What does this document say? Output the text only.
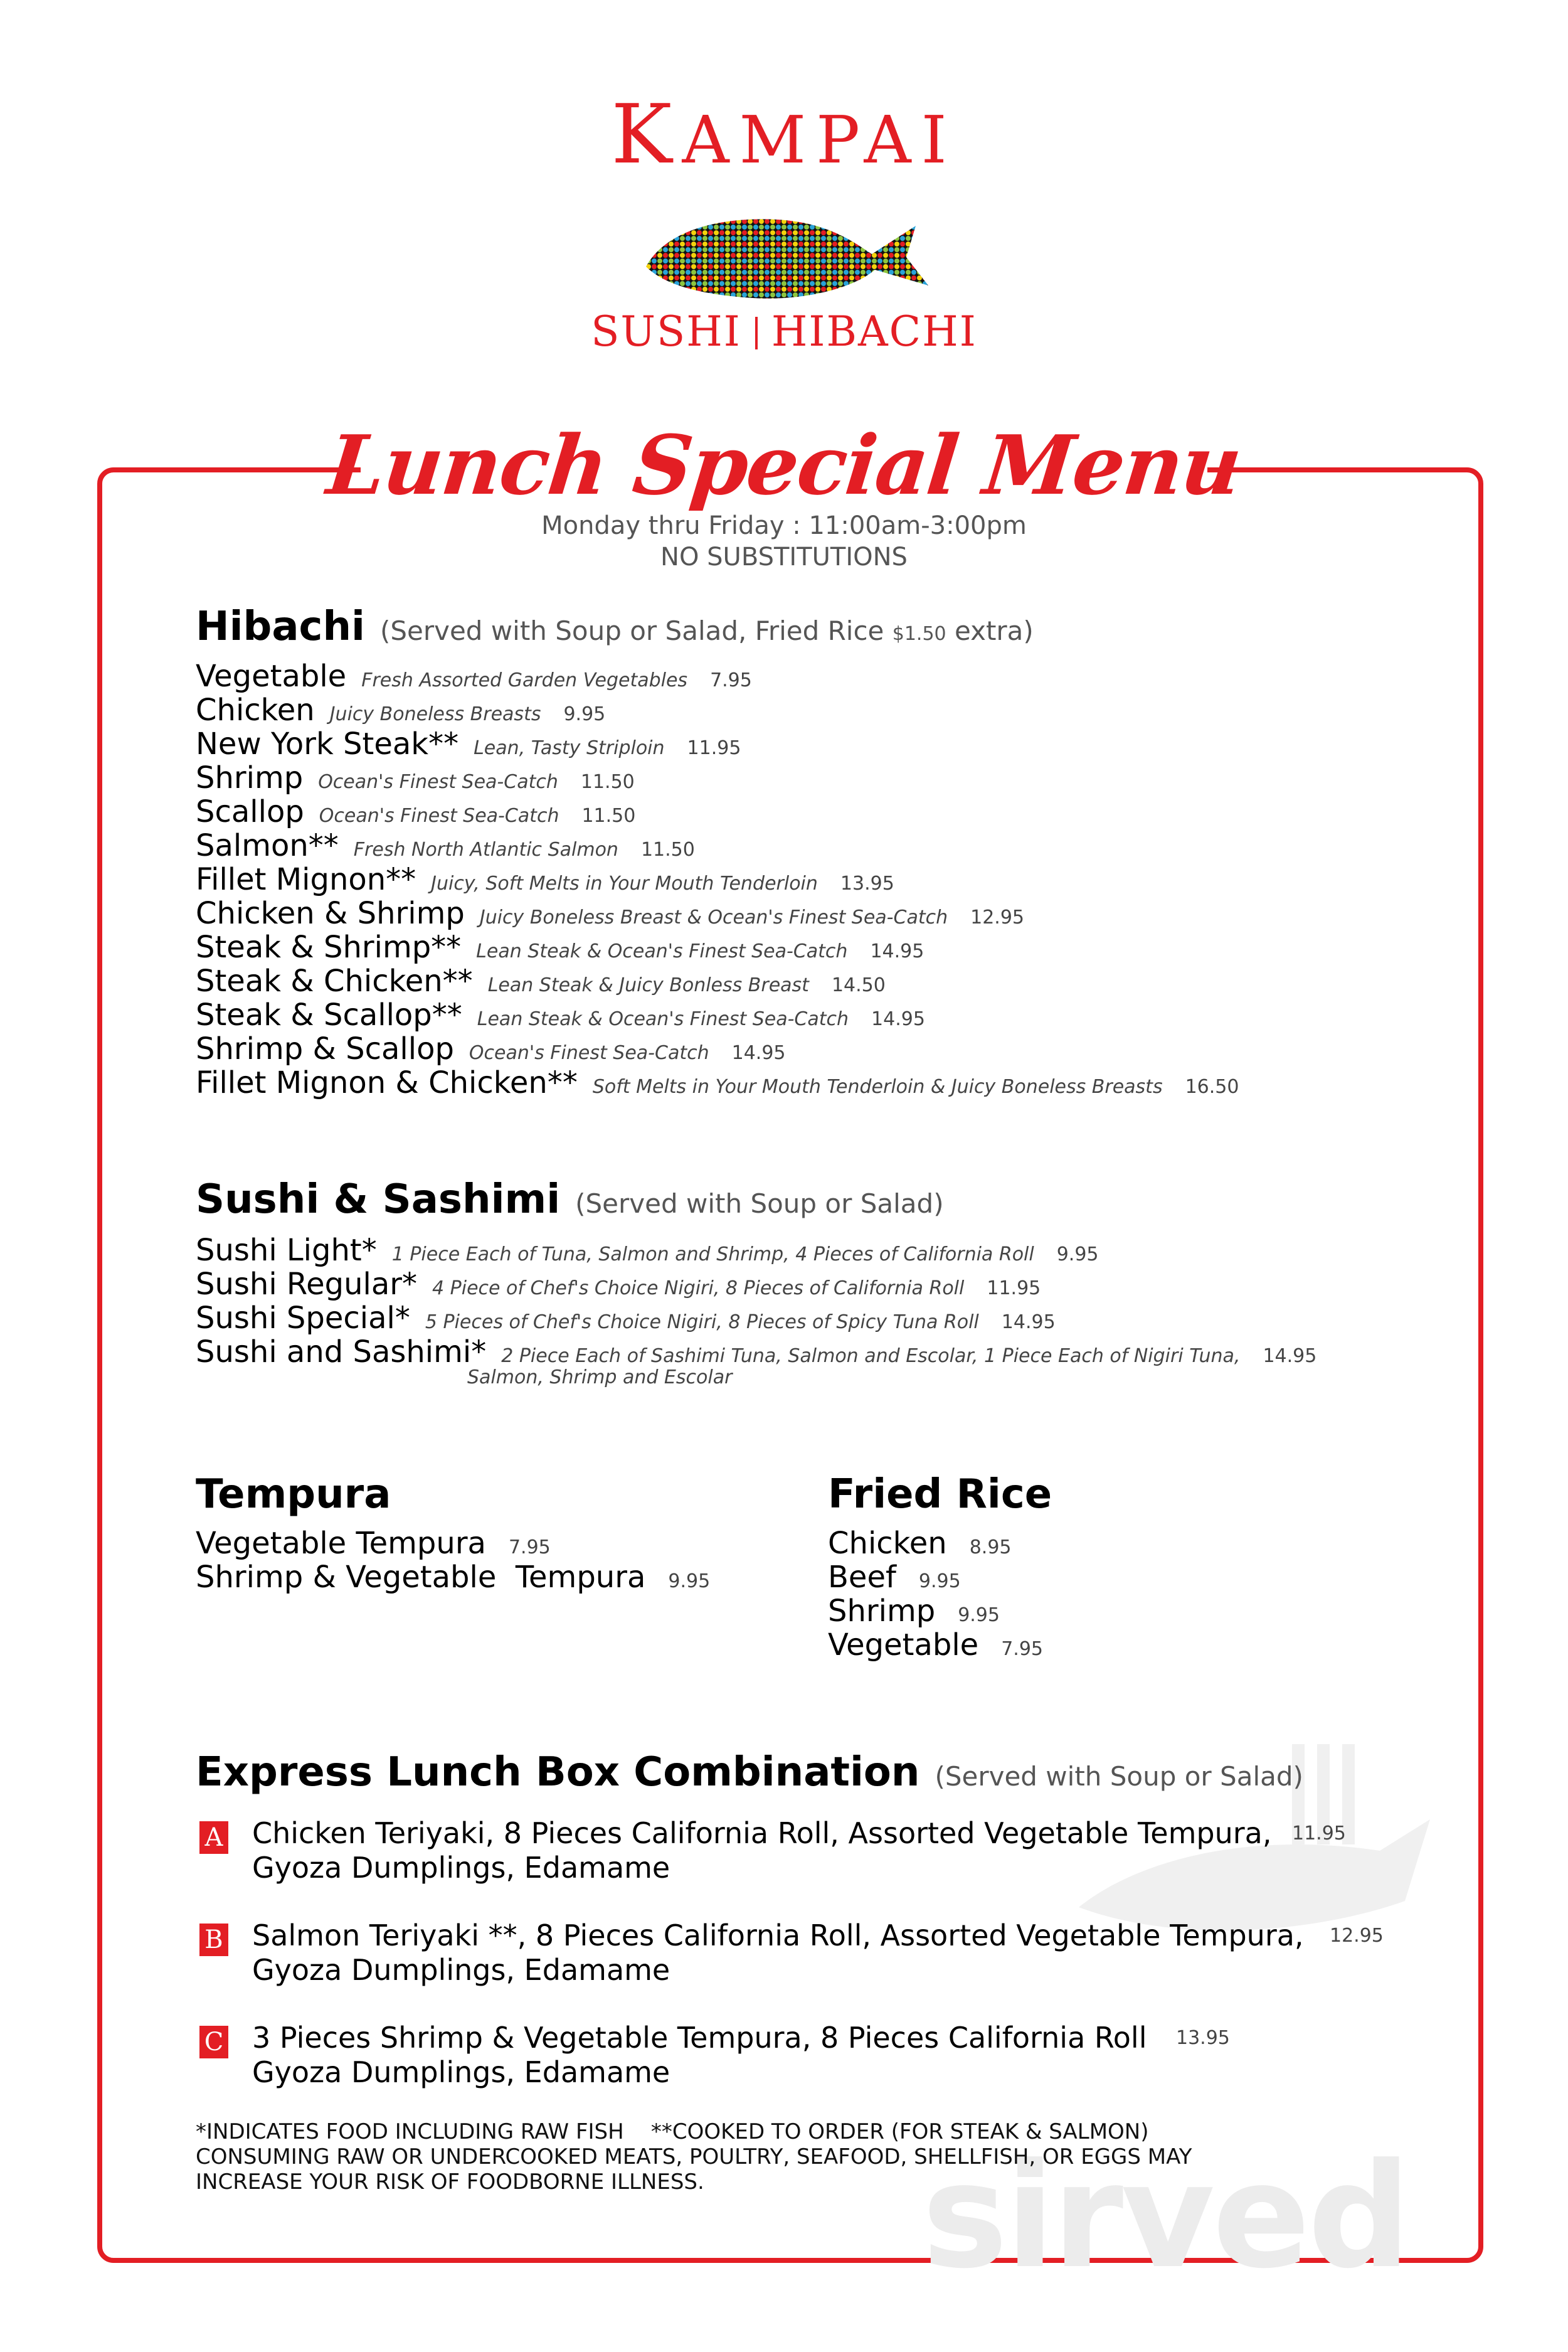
KAMPAI
SUSHI HIBACHI
Lunch Special Menu
Monday thru Friday : 11:00am-3:00pm
NO SUBSTITUTIONS
sirved
Hibachi (Served with Soup or Salad, Fried Rice $1.50 extra)
Vegetable Fresh Assorted Garden Vegetables 7.95
Chicken Juicy Boneless Breasts 9.95
New York Steak** Lean, Tasty Striploin 11.95
Shrimp Ocean's Finest Sea-Catch 11.50
Scallop Ocean's Finest Sea-Catch 11.50
Salmon** Fresh North Atlantic Salmon 11.50
Fillet Mignon** Juicy, Soft Melts in Your Mouth Tenderloin 13.95
Chicken & Shrimp Juicy Boneless Breast & Ocean's Finest Sea-Catch 12.95
Steak & Shrimp** Lean Steak & Ocean's Finest Sea-Catch 14.95
Steak & Chicken** Lean Steak & Juicy Bonless Breast 14.50
Steak & Scallop** Lean Steak & Ocean's Finest Sea-Catch 14.95
Shrimp & Scallop Ocean's Finest Sea-Catch 14.95
Fillet Mignon & Chicken** Soft Melts in Your Mouth Tenderloin & Juicy Boneless Breasts 16.50
Sushi & Sashimi (Served with Soup or Salad)
Sushi Light* 1 Piece Each of Tuna, Salmon and Shrimp, 4 Pieces of California Roll 9.95
Sushi Regular* 4 Piece of Chef's Choice Nigiri, 8 Pieces of California Roll 11.95
Sushi Special* 5 Pieces of Chef's Choice Nigiri, 8 Pieces of Spicy Tuna Roll 14.95
Sushi and Sashimi* 2 Piece Each of Sashimi Tuna, Salmon and Escolar, 1 Piece Each of Nigiri Tuna, 14.95
Salmon, Shrimp and Escolar
Tempura
Vegetable Tempura 7.95
Shrimp & Vegetable  Tempura 9.95
Fried Rice
Chicken 8.95
Beef 9.95
Shrimp 9.95
Vegetable 7.95
Express Lunch Box Combination (Served with Soup or Salad)
A Chicken Teriyaki, 8 Pieces California Roll, Assorted Vegetable Tempura,
Gyoza Dumplings, Edamame
11.95
B Salmon Teriyaki **, 8 Pieces California Roll, Assorted Vegetable Tempura,
Gyoza Dumplings, Edamame
12.95
C 3 Pieces Shrimp & Vegetable Tempura, 8 Pieces California Roll
Gyoza Dumplings, Edamame
13.95
*INDICATES FOOD INCLUDING RAW FISH    **COOKED TO ORDER (FOR STEAK & SALMON)
CONSUMING RAW OR UNDERCOOKED MEATS, POULTRY, SEAFOOD, SHELLFISH, OR EGGS MAY
INCREASE YOUR RISK OF FOODBORNE ILLNESS.
